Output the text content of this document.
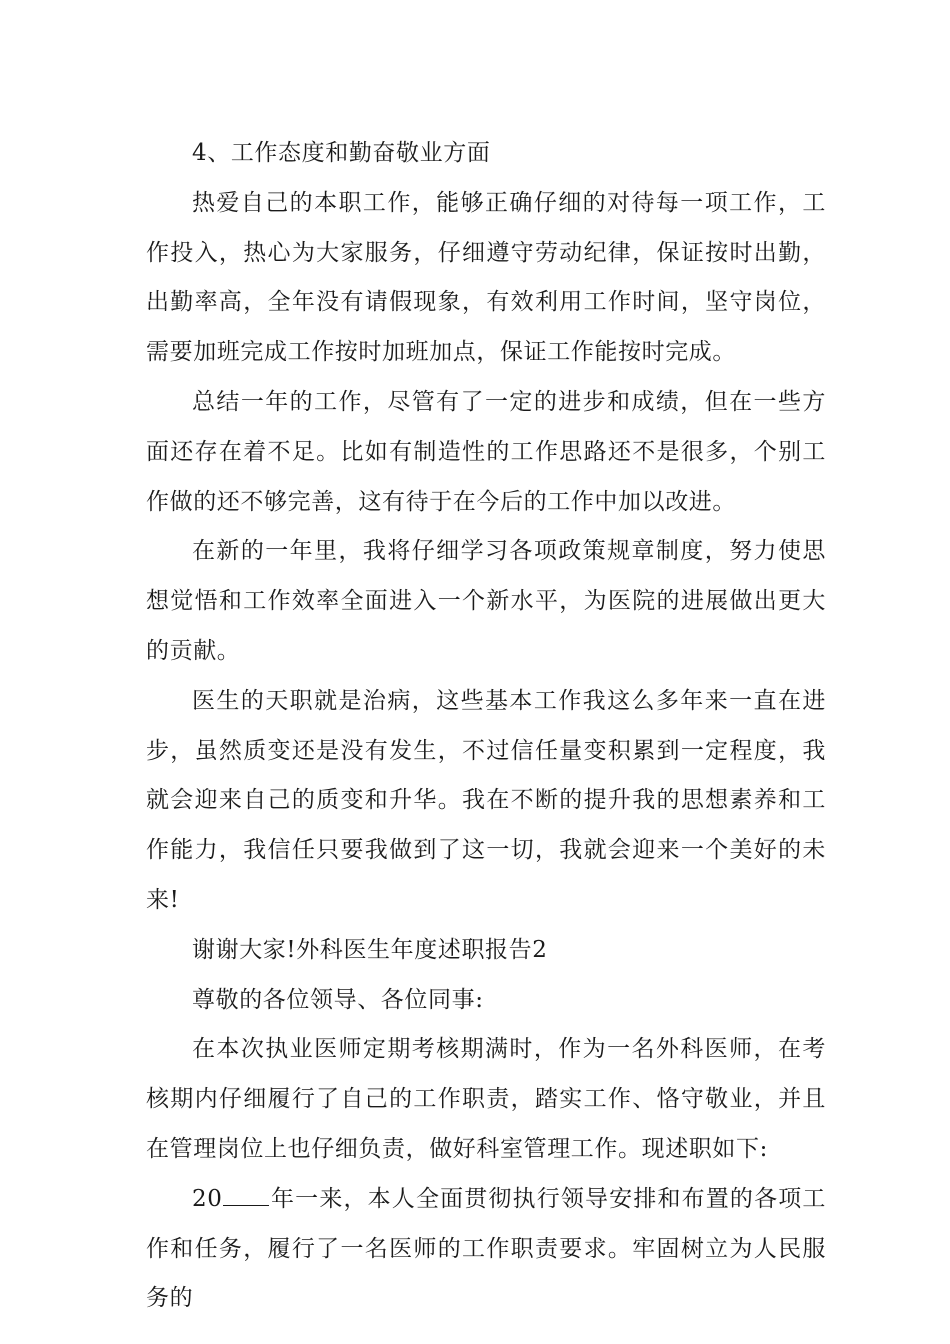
4、工作态度和勤奋敬业方面

热爱自己的本职工作，能够正确仔细的对待每一项工作，工作投入，热心为大家服务，仔细遵守劳动纪律，保证按时出勤，出勤率高，全年没有请假现象，有效利用工作时间，坚守岗位，需要加班完成工作按时加班加点，保证工作能按时完成。

总结一年的工作，尽管有了一定的进步和成绩，但在一些方面还存在着不足。比如有制造性的工作思路还不是很多，个别工作做的还不够完善，这有待于在今后的工作中加以改进。

在新的一年里，我将仔细学习各项政策规章制度，努力使思想觉悟和工作效率全面进入一个新水平，为医院的进展做出更大的贡献。

医生的天职就是治病，这些基本工作我这么多年来一直在进步，虽然质变还是没有发生，不过信任量变积累到一定程度，我就会迎来自己的质变和升华。我在不断的提升我的思想素养和工作能力，我信任只要我做到了这一切，我就会迎来一个美好的未来!

谢谢大家!外科医生年度述职报告2

尊敬的各位领导、各位同事:

在本次执业医师定期考核期满时，作为一名外科医师，在考核期内仔细履行了自己的工作职责，踏实工作、恪守敬业，并且在管理岗位上也仔细负责，做好科室管理工作。现述职如下:

20 年一来，本人全面贯彻执行领导安排和布置的各项工作和任务，履行了一名医师的工作职责要求。牢固树立为人民服务的
